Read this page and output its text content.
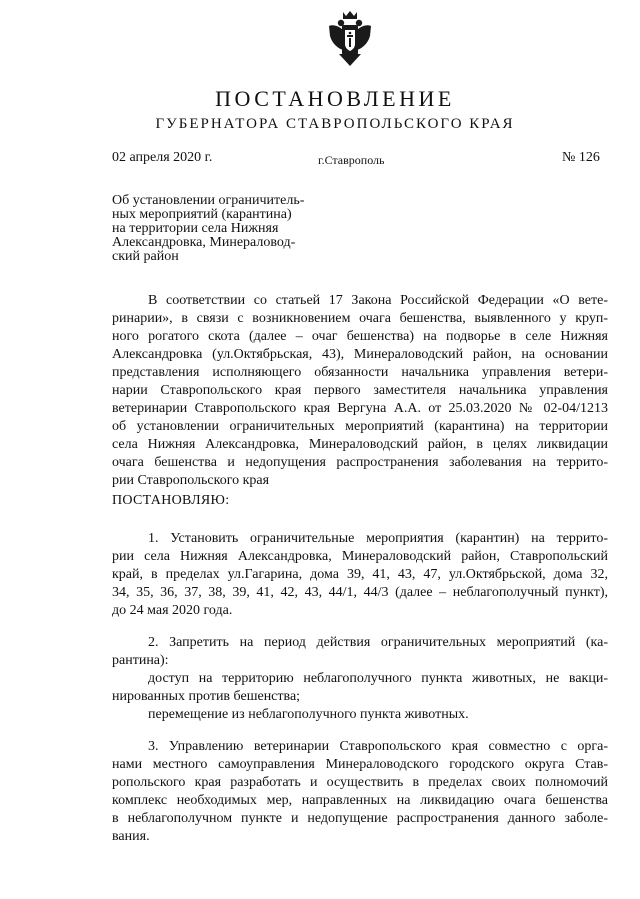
ПОСТАНОВЛЕНИЕ
ГУБЕРНАТОРА СТАВРОПОЛЬСКОГО КРАЯ
02 апреля 2020 г.	г.Ставрополь	№ 126
Об установлении ограничитель-
ных мероприятий (карантина)
на территории села Нижняя
Александровка, Минераловод-
ский район
В соответствии со статьей 17 Закона Российской Федерации «О вете-
ринарии», в связи с возникновением очага бешенства, выявленного у круп-
ного рогатого скота (далее – очаг бешенства) на подворье в селе Нижняя
Александровка (ул.Октябрьская, 43), Минераловодский район, на основании
представления исполняющего обязанности начальника управления ветери-
нарии Ставропольского края первого заместителя начальника управления
ветеринарии Ставропольского края Вергуна А.А. от 25.03.2020 № 02-04/1213
об установлении ограничительных мероприятий (карантина) на территории
села Нижняя Александровка, Минераловодский район, в целях ликвидации
очага бешенства и недопущения распространения заболевания на террито-
рии Ставропольского края
ПОСТАНОВЛЯЮ:
1. Установить ограничительные мероприятия (карантин) на террито-
рии села Нижняя Александровка, Минераловодский район, Ставропольский
край, в пределах ул.Гагарина, дома 39, 41, 43, 47, ул.Октябрьской, дома 32,
34, 35, 36, 37, 38, 39, 41, 42, 43, 44/1, 44/3 (далее – неблагополучный пункт),
до 24 мая 2020 года.
2. Запретить на период действия ограничительных мероприятий (ка-
рантина):
доступ на территорию неблагополучного пункта животных, не вакци-
нированных против бешенства;
перемещение из неблагополучного пункта животных.
3. Управлению ветеринарии Ставропольского края совместно с орга-
нами местного самоуправления Минераловодского городского округа Став-
ропольского края разработать и осуществить в пределах своих полномочий
комплекс необходимых мер, направленных на ликвидацию очага бешенства
в неблагополучном пункте и недопущение распространения данного заболе-
вания.
